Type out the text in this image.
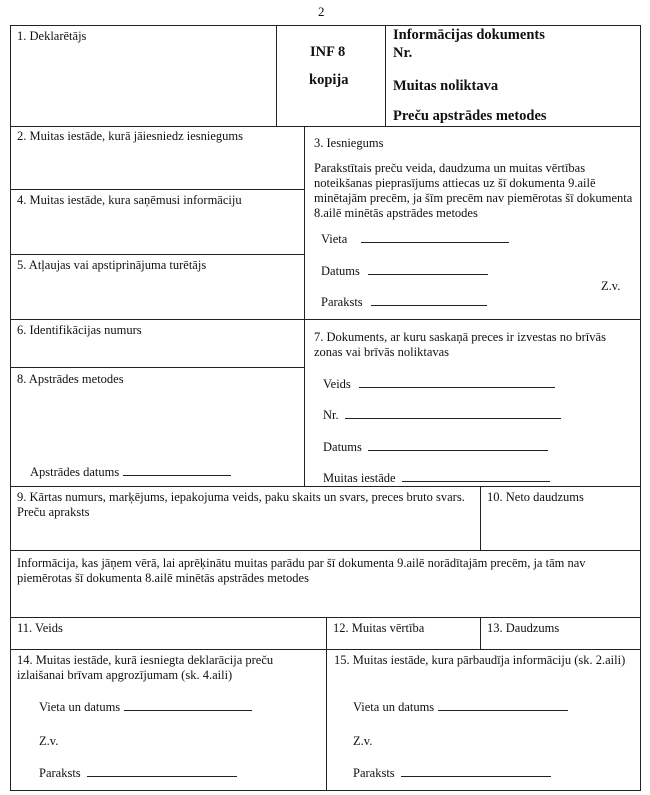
2
1. Deklarētājs
INF 8
kopija
Informācijas dokuments
Nr.
Muitas noliktava
Preču apstrādes metodes
2. Muitas iestāde, kurā jāiesniedz iesniegums
4. Muitas iestāde, kura saņēmusi informāciju
5. Atļaujas vai apstiprinājuma turētājs
3. Iesniegums
Parakstītais preču veida, daudzuma un muitas vērtības noteikšanas pieprasījums attiecas uz šī dokumenta 9.ailē minētajām precēm, ja šīm precēm nav piemērotas šī dokumenta 8.ailē minētās apstrādes metodes
Vieta
Datums
Z.v.
Paraksts
6. Identifikācijas numurs
8. Apstrādes metodes
Apstrādes datums
7. Dokuments, ar kuru saskaņā preces ir izvestas no brīvās zonas vai brīvās noliktavas
Veids
Nr.
Datums
Muitas iestāde
9. Kārtas numurs, marķējums, iepakojuma veids, paku skaits un svars, preces bruto svars. Preču apraksts
10. Neto daudzums
Informācija, kas jāņem vērā, lai aprēķinātu muitas parādu par šī dokumenta 9.ailē norādītajām precēm, ja tām nav piemērotas šī dokumenta 8.ailē minētās apstrādes metodes
11. Veids	12. Muitas vērtība	13. Daudzums
14. Muitas iestāde, kurā iesniegta deklarācija preču izlaišanai brīvam apgrozījumam (sk. 4.aili)
Vieta un datums
Z.v.
Paraksts
15. Muitas iestāde, kura pārbaudīja informāciju (sk. 2.aili)
Vieta un datums
Z.v.
Paraksts
